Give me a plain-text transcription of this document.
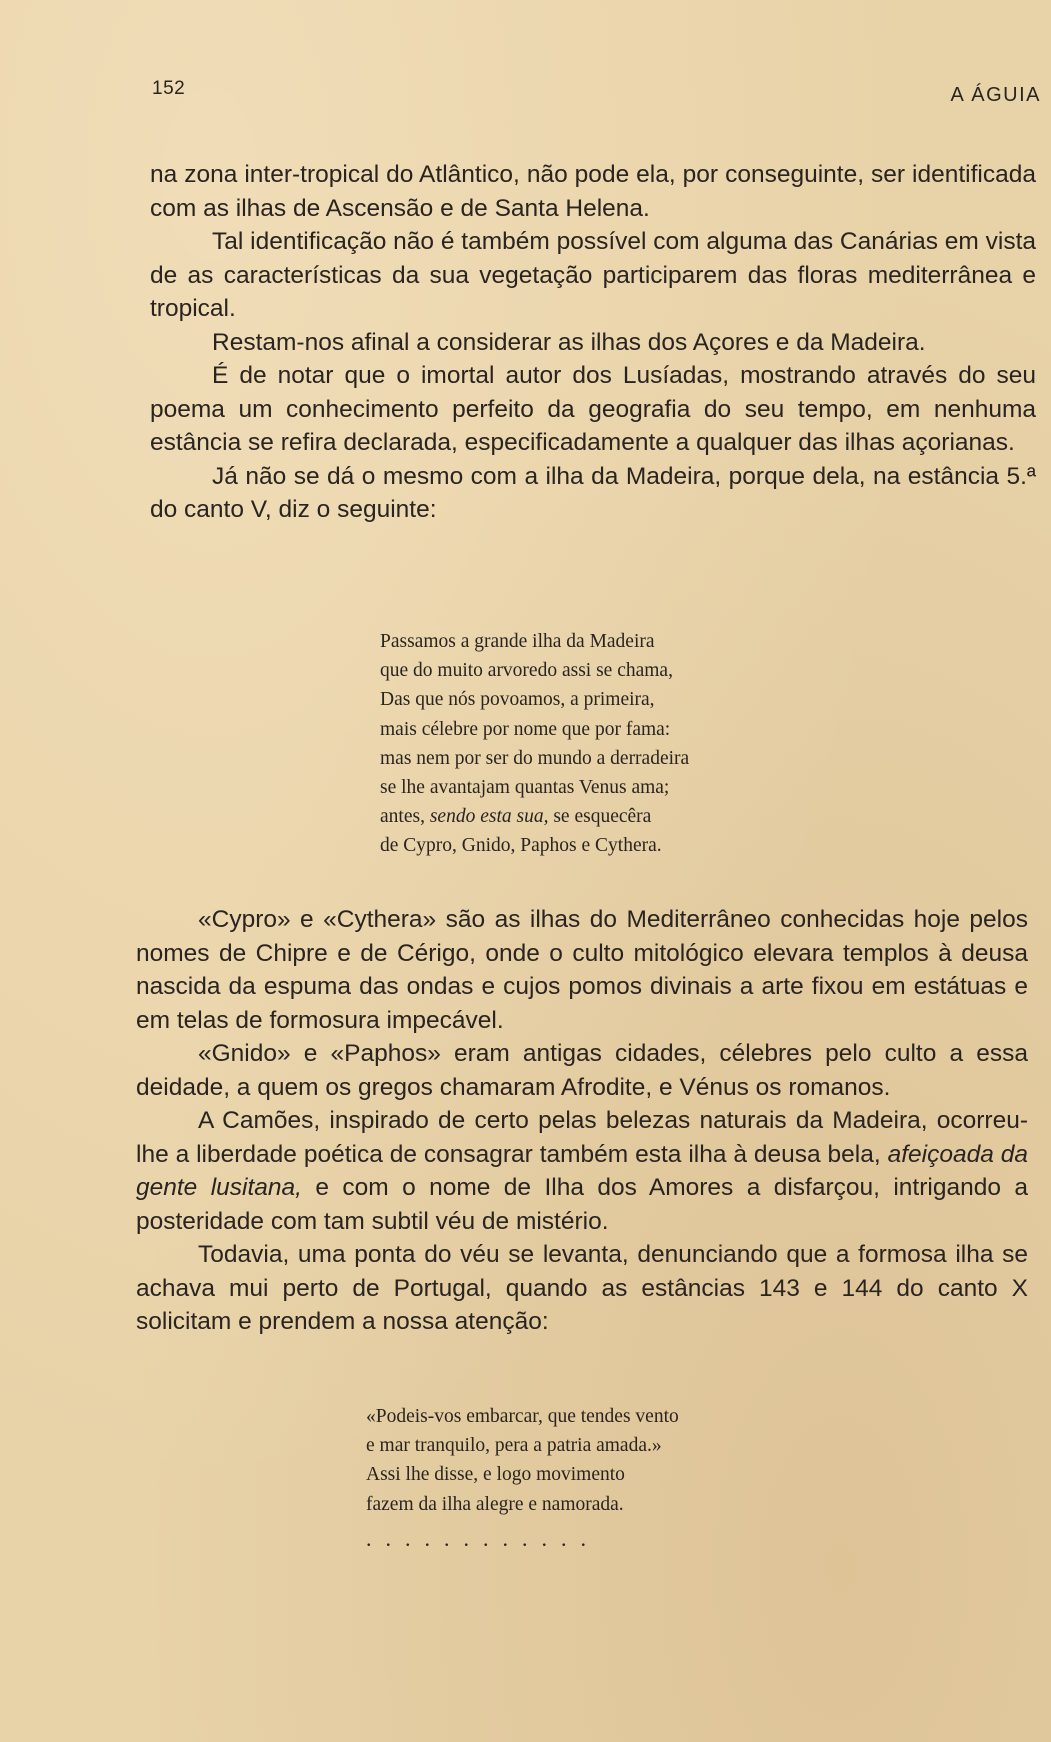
152	A ÁGUIA

na zona inter-tropical do Atlântico, não pode ela, por conseguinte, ser identificada com as ilhas de Ascensão e de Santa Helena.

Tal identificação não é também possível com alguma das Canárias em vista de as características da sua vegetação participarem das floras mediterrânea e tropical.

Restam-nos afinal a considerar as ilhas dos Açores e da Madeira.

É de notar que o imortal autor dos Lusíadas, mostrando através do seu poema um conhecimento perfeito da geografia do seu tempo, em nenhuma estância se refira declarada, especificadamente a qualquer das ilhas açorianas.

Já não se dá o mesmo com a ilha da Madeira, porque dela, na estância 5.ª do canto V, diz o seguinte:

Passamos a grande ilha da Madeira
que do muito arvoredo assi se chama,
Das que nós povoamos, a primeira,
mais célebre por nome que por fama:
mas nem por ser do mundo a derradeira
se lhe avantajam quantas Venus ama;
antes, sendo esta sua, se esquecêra
de Cypro, Gnido, Paphos e Cythera.

«Cypro» e «Cythera» são as ilhas do Mediterrâneo conhecidas hoje pelos nomes de Chipre e de Cérigo, onde o culto mitológico elevara templos à deusa nascida da espuma das ondas e cujos pomos divinais a arte fixou em estátuas e em telas de formosura impecável.

«Gnido» e «Paphos» eram antigas cidades, célebres pelo culto a essa deidade, a quem os gregos chamaram Afrodite, e Vénus os romanos.

A Camões, inspirado de certo pelas belezas naturais da Madeira, ocorreu-lhe a liberdade poética de consagrar também esta ilha à deusa bela, afeiçoada da gente lusitana, e com o nome de Ilha dos Amores a disfarçou, intrigando a posteridade com tam subtil véu de mistério.

Todavia, uma ponta do véu se levanta, denunciando que a formosa ilha se achava mui perto de Portugal, quando as estâncias 143 e 144 do canto X solicitam e prendem a nossa atenção:

«Podeis-vos embarcar, que tendes vento
e mar tranquilo, pera a patria amada.»
Assi lhe disse, e logo movimento
fazem da ilha alegre e namorada.
............
